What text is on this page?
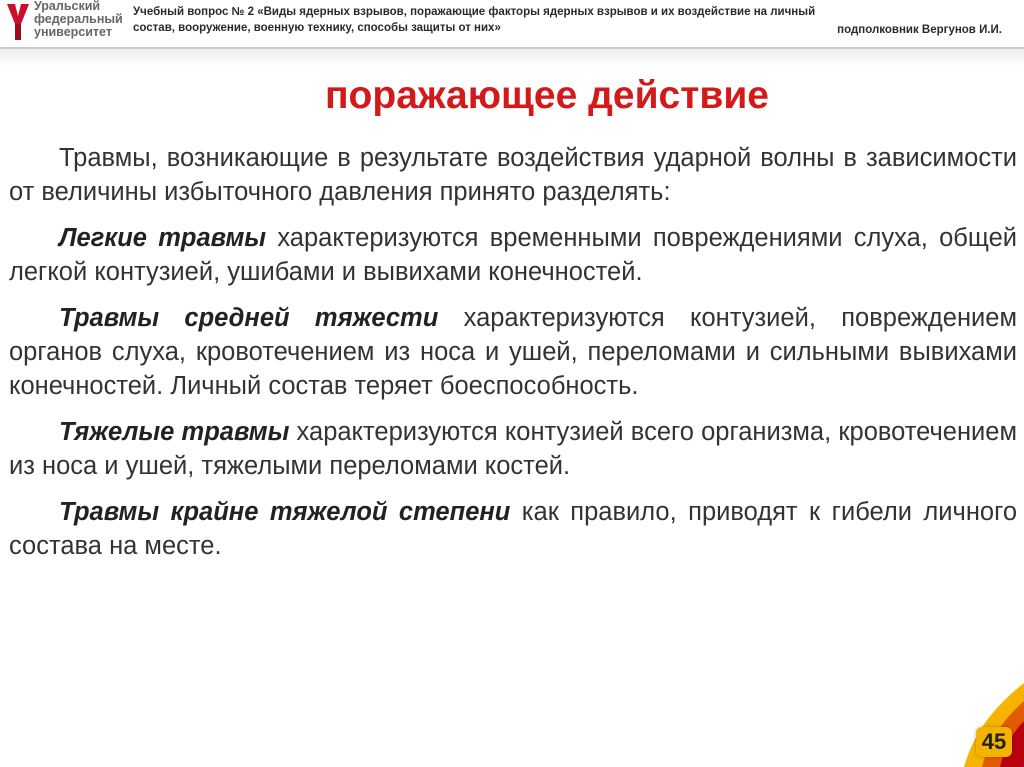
Уральский
федеральный
университет
Учебный вопрос № 2 «Виды ядерных взрывов, поражающие факторы ядерных взрывов и их воздействие на личный
состав, вооружение, военную технику, способы защиты от них»	подполковник Вергунов И.И.
поражающее действие

Травмы, возникающие в результате воздействия ударной волны в зависимости от величины избыточного давления принято разделять:

Легкие травмы характеризуются временными повреждениями слуха, общей легкой контузией, ушибами и вывихами конечностей.

Травмы средней тяжести характеризуются контузией, повреждением органов слуха, кровотечением из носа и ушей, переломами и сильными вывихами конечностей. Личный состав теряет боеспособность.

Тяжелые травмы характеризуются контузией всего организма, кровотечением из носа и ушей, тяжелыми переломами костей.

Травмы крайне тяжелой степени как правило, приводят к гибели личного состава на месте.

45
